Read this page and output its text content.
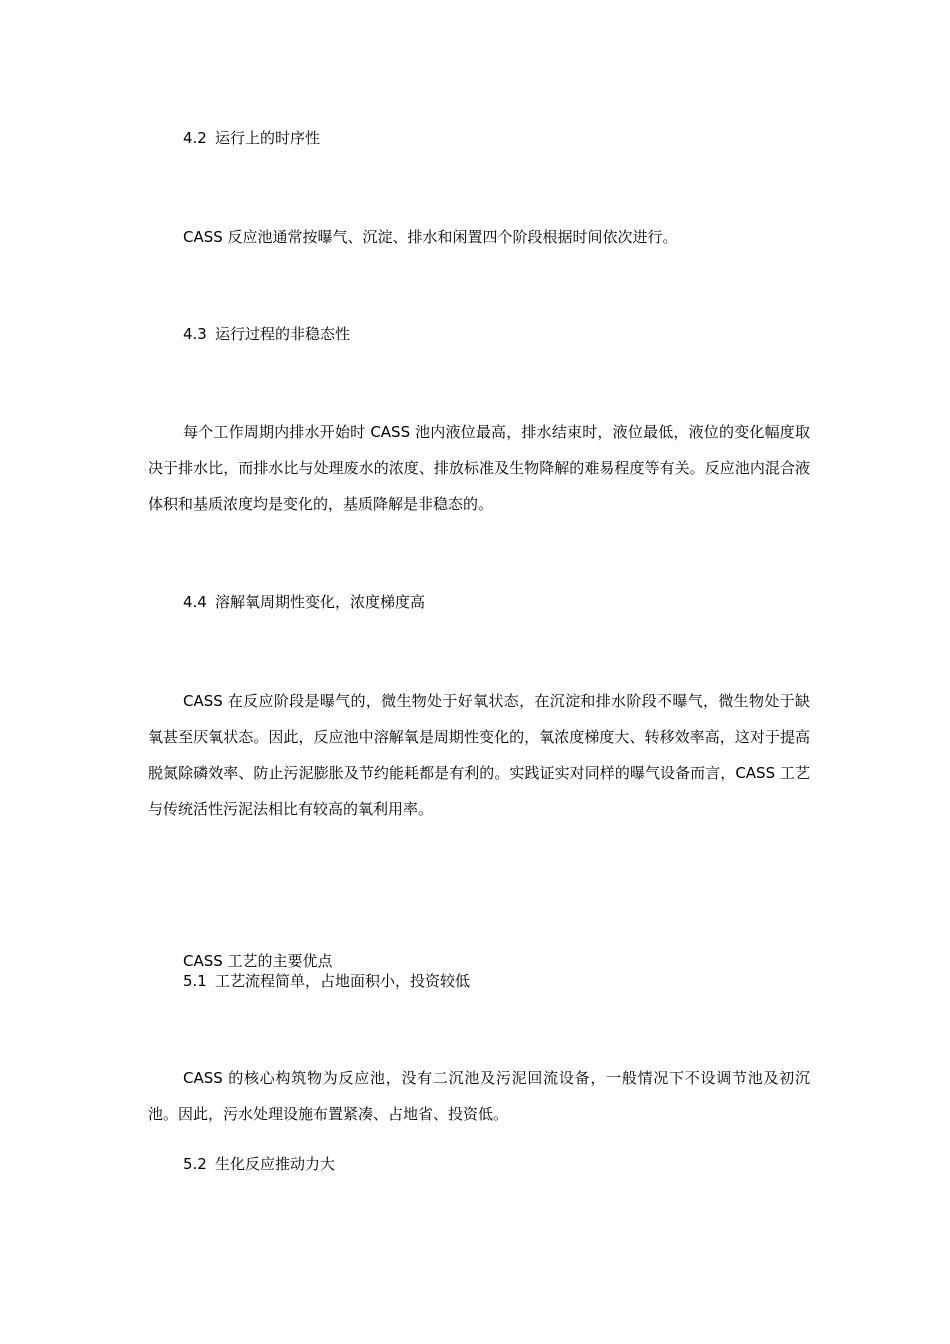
4.2 运行上的时序性

CASS 反应池通常按曝气、沉淀、排水和闲置四个阶段根据时间依次进行。

4.3 运行过程的非稳态性

每个工作周期内排水开始时 CASS 池内液位最高，排水结束时，液位最低，液位的变化幅度取决于排水比，而排水比与处理废水的浓度、排放标准及生物降解的难易程度等有关。反应池内混合液体积和基质浓度均是变化的，基质降解是非稳态的。

4.4 溶解氧周期性变化，浓度梯度高

CASS 在反应阶段是曝气的，微生物处于好氧状态，在沉淀和排水阶段不曝气，微生物处于缺氧甚至厌氧状态。因此，反应池中溶解氧是周期性变化的，氧浓度梯度大、转移效率高，这对于提高脱氮除磷效率、防止污泥膨胀及节约能耗都是有利的。实践证实对同样的曝气设备而言，CASS 工艺与传统活性污泥法相比有较高的氧利用率。

CASS 工艺的主要优点
5.1 工艺流程简单，占地面积小，投资较低

CASS 的核心构筑物为反应池，没有二沉池及污泥回流设备，一般情况下不设调节池及初沉池。因此，污水处理设施布置紧凑、占地省、投资低。

5.2 生化反应推动力大
